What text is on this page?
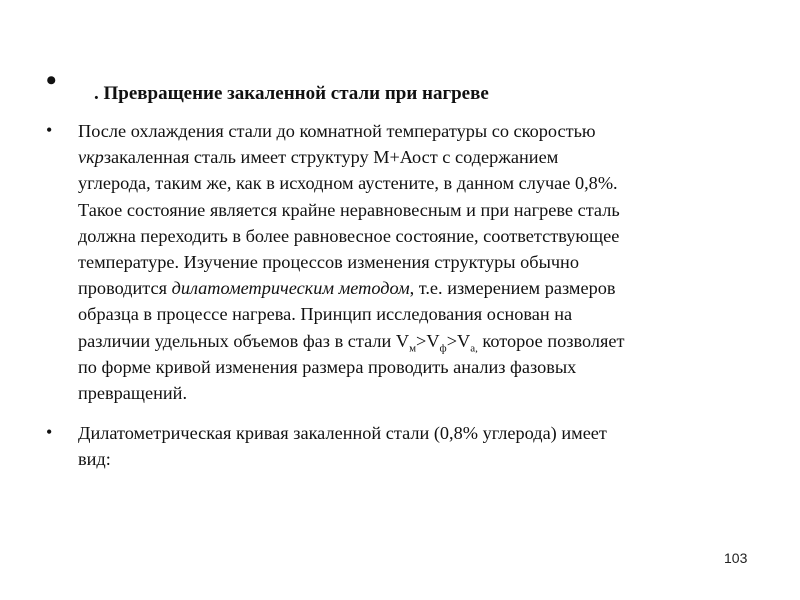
• . Превращение закаленной стали при нагреве
• После охлаждения стали до комнатной температуры со скоростью
vкрзакаленная сталь имеет структуру М+Аост с содержанием
углерода, таким же, как в исходном аустените, в данном случае 0,8%.
Такое состояние является крайне неравновесным и при нагреве сталь
должна переходить в более равновесное состояние, соответствующее
температуре. Изучение процессов изменения структуры обычно
проводится дилатометрическим методом, т.е. измерением размеров
образца в процессе нагрева. Принцип исследования основан на
различии удельных объемов фаз в стали $V_м>V_ф>V_{а,}$ которое позволяет
по форме кривой изменения размера проводить анализ фазовых
превращений.
• Дилатометрическая кривая закаленной стали (0,8% углерода) имеет
вид:
103
